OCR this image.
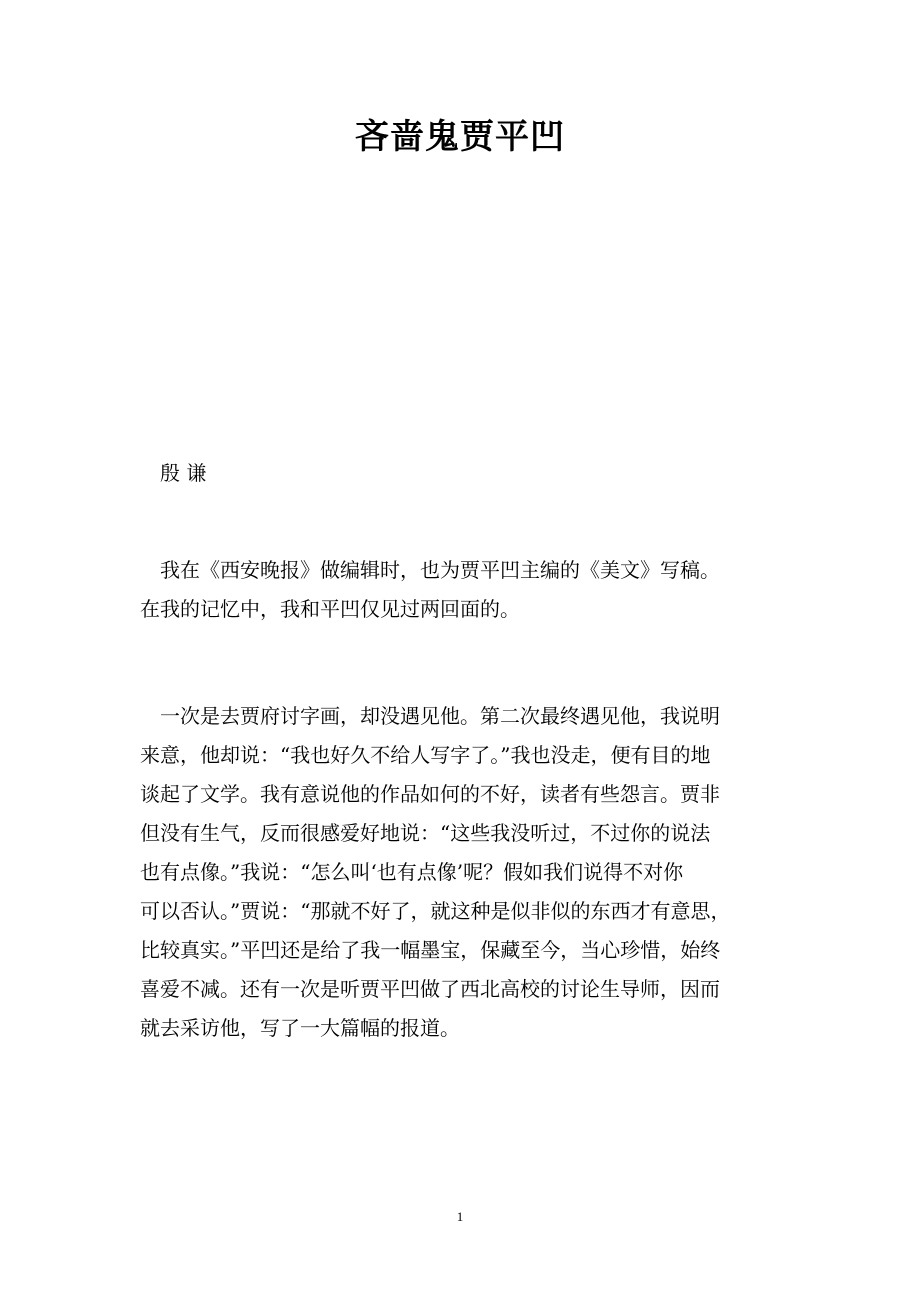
吝啬鬼贾平凹
殷 谦
我在《西安晚报》做编辑时，也为贾平凹主编的《美文》写稿。
在我的记忆中，我和平凹仅见过两回面的。
一次是去贾府讨字画，却没遇见他。第二次最终遇见他，我说明
来意，他却说：“我也好久不给人写字了。”我也没走，便有目的地
谈起了文学。我有意说他的作品如何的不好，读者有些怨言。贾非
但没有生气，反而很感爱好地说：“这些我没听过，不过你的说法
也有点像。”我说：“怎么叫‘也有点像’呢？假如我们说得不对你
可以否认。”贾说：“那就不好了，就这种是似非似的东西才有意思，
比较真实。”平凹还是给了我一幅墨宝，保藏至今，当心珍惜，始终
喜爱不减。还有一次是听贾平凹做了西北高校的讨论生导师，因而
就去采访他，写了一大篇幅的报道。
1
